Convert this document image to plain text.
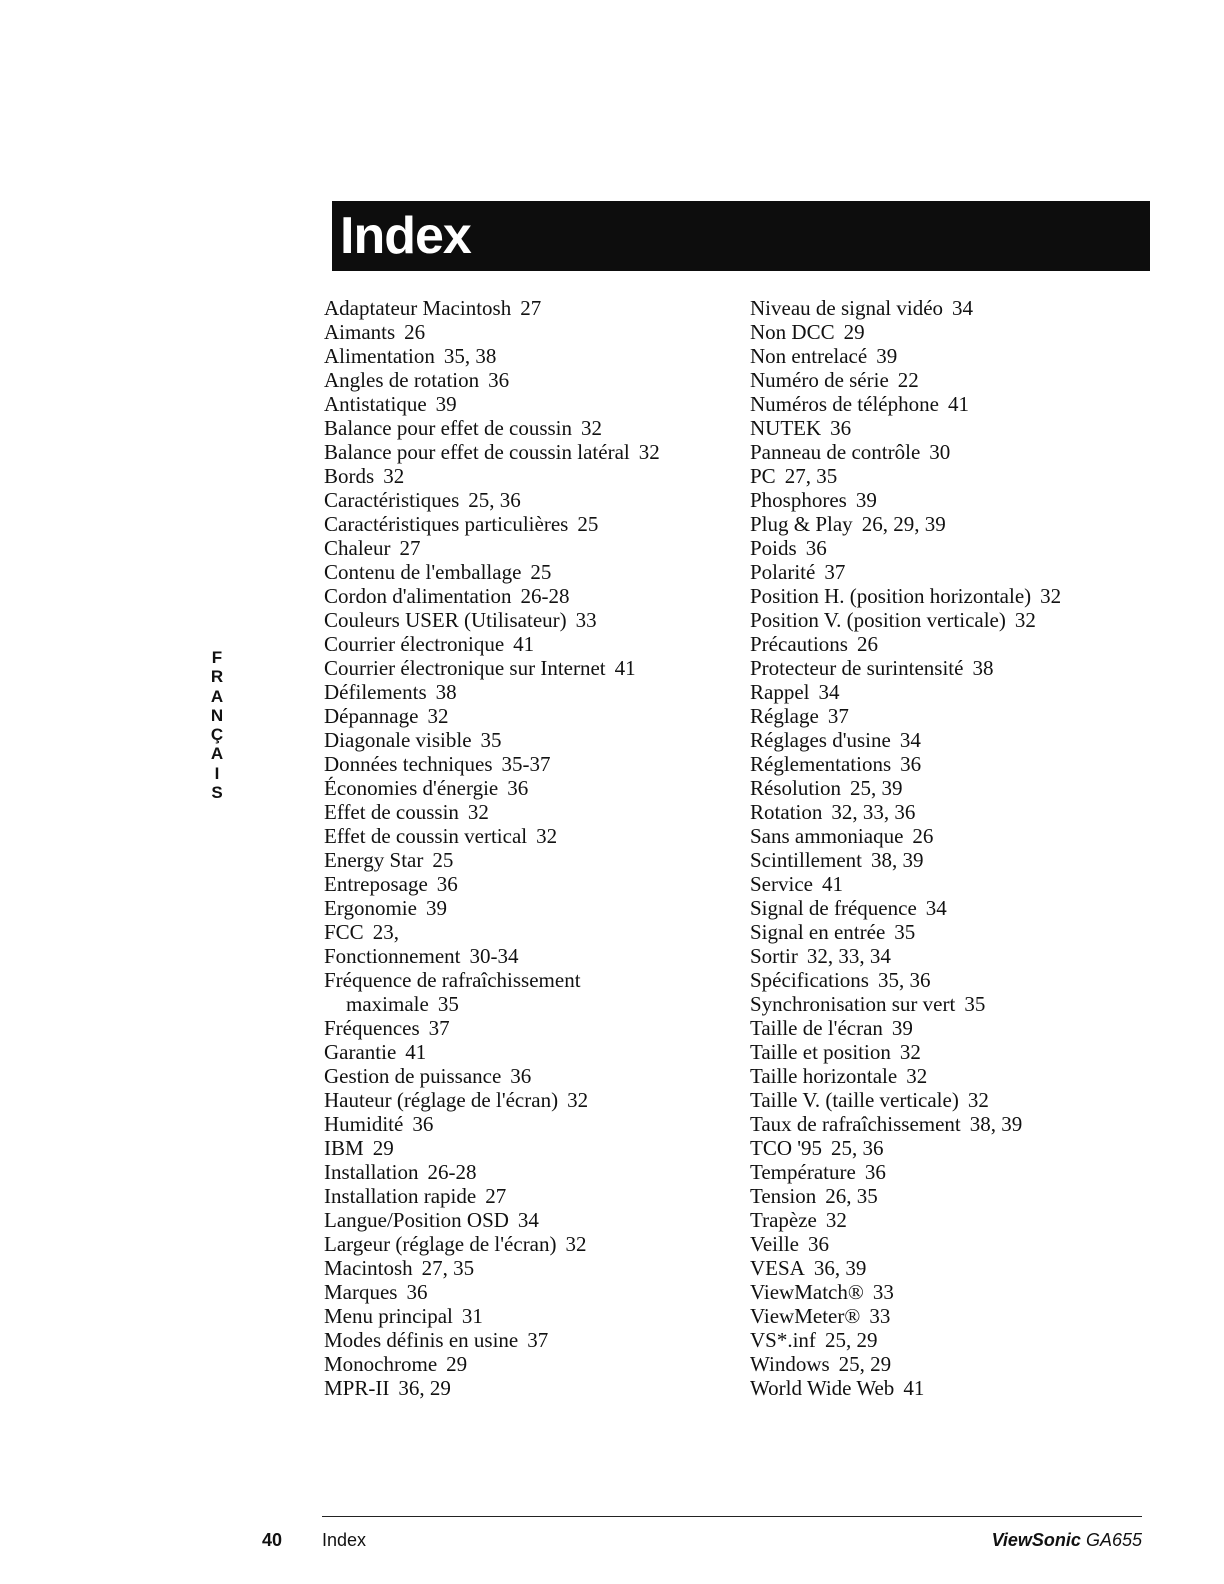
Index
F
R
A
N
Ç
A
I
S
Adaptateur Macintosh 27
Aimants 26
Alimentation 35, 38
Angles de rotation 36
Antistatique 39
Balance pour effet de coussin 32
Balance pour effet de coussin latéral 32
Bords 32
Caractéristiques 25, 36
Caractéristiques particulières 25
Chaleur 27
Contenu de l'emballage 25
Cordon d'alimentation 26-28
Couleurs USER (Utilisateur) 33
Courrier électronique 41
Courrier électronique sur Internet 41
Défilements 38
Dépannage 32
Diagonale visible 35
Données techniques 35-37
Économies d'énergie 36
Effet de coussin 32
Effet de coussin vertical 32
Energy Star 25
Entreposage 36
Ergonomie 39
FCC 23,
Fonctionnement 30-34
Fréquence de rafraîchissement
maximale 35
Fréquences 37
Garantie 41
Gestion de puissance 36
Hauteur (réglage de l'écran) 32
Humidité 36
IBM 29
Installation 26-28
Installation rapide 27
Langue/Position OSD 34
Largeur (réglage de l'écran) 32
Macintosh 27, 35
Marques 36
Menu principal 31
Modes définis en usine 37
Monochrome 29
MPR-II 36, 29
Niveau de signal vidéo 34
Non DCC 29
Non entrelacé 39
Numéro de série 22
Numéros de téléphone 41
NUTEK 36
Panneau de contrôle 30
PC 27, 35
Phosphores 39
Plug & Play 26, 29, 39
Poids 36
Polarité 37
Position H. (position horizontale) 32
Position V. (position verticale) 32
Précautions 26
Protecteur de surintensité 38
Rappel 34
Réglage 37
Réglages d'usine 34
Réglementations 36
Résolution 25, 39
Rotation 32, 33, 36
Sans ammoniaque 26
Scintillement 38, 39
Service 41
Signal de fréquence 34
Signal en entrée 35
Sortir 32, 33, 34
Spécifications 35, 36
Synchronisation sur vert 35
Taille de l'écran 39
Taille et position 32
Taille horizontale 32
Taille V. (taille verticale) 32
Taux de rafraîchissement 38, 39
TCO '95 25, 36
Température 36
Tension 26, 35
Trapèze 32
Veille 36
VESA 36, 39
ViewMatch® 33
ViewMeter® 33
VS*.inf 25, 29
Windows 25, 29
World Wide Web 41
40 Index	ViewSonic GA655
